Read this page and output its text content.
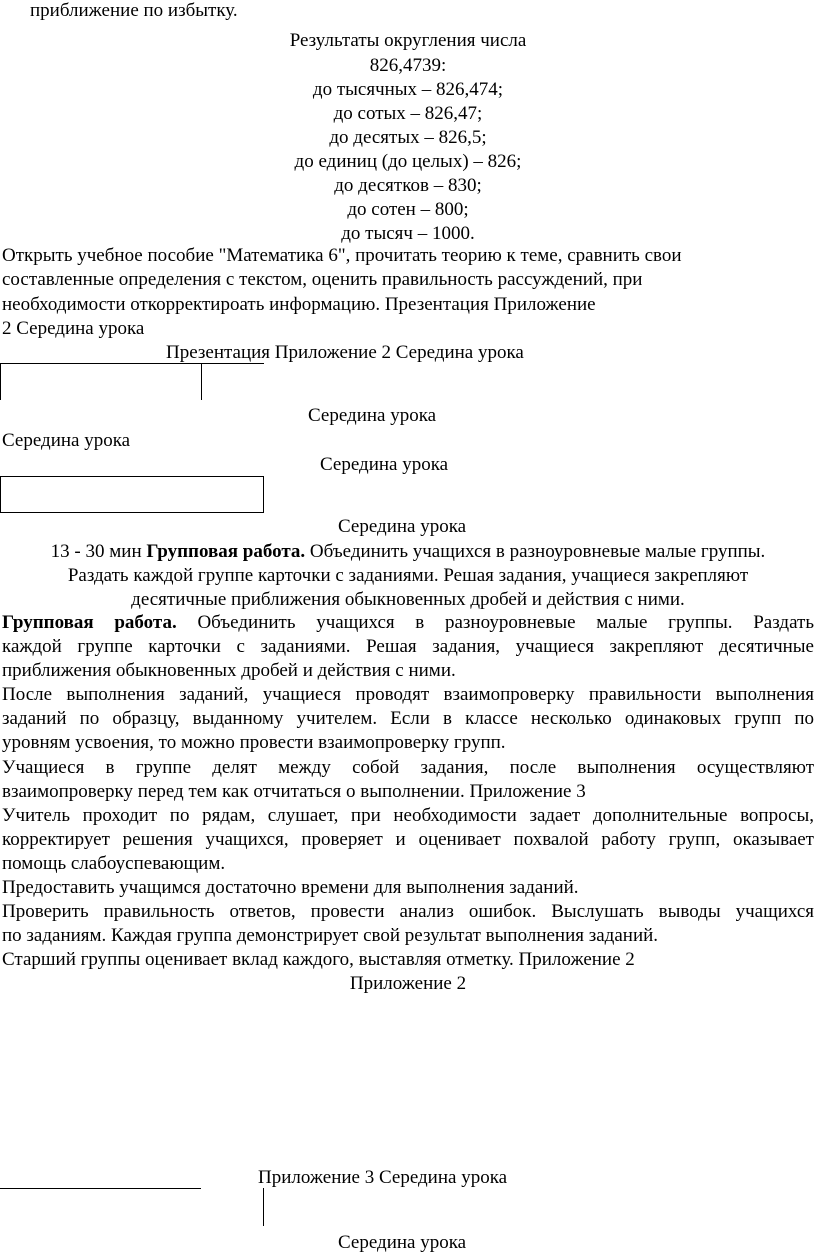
приближение по избытку.
Результаты округления числа
826,4739:
до тысячных – 826,474;
до сотых – 826,47;
до десятых – 826,5;
до единиц (до целых) – 826;
до десятков – 830;
до сотен – 800;
до тысяч – 1000.
Открыть учебное пособие "Математика 6", прочитать теорию к теме, сравнить свои
составленные определения с текстом, оценить правильность рассуждений, при
необходимости откорректироать информацию. Презентация Приложение
2 Середина урока
Презентация Приложение 2 Середина урока
Середина урока
Середина урока
Середина урока
Середина урока
13 - 30 мин Групповая работа. Объединить учащихся в разноуровневые малые группы.
Раздать каждой группе карточки с заданиями. Решая задания, учащиеся закрепляют
десятичные приближения обыкновенных дробей и действия с ними.
Групповая работа. Объединить учащихся в разноуровневые малые группы. Раздать
каждой группе карточки с заданиями. Решая задания, учащиеся закрепляют десятичные
приближения обыкновенных дробей и действия с ними.
После выполнения заданий, учащиеся проводят взаимопроверку правильности выполнения
заданий по образцу, выданному учителем. Если в классе несколько одинаковых групп по
уровням усвоения, то можно провести взаимопроверку групп.
Учащиеся в группе делят между собой задания, после выполнения осуществляют
взаимопроверку перед тем как отчитаться о выполнении. Приложение 3
Учитель проходит по рядам, слушает, при необходимости задает дополнительные вопросы,
корректирует решения учащихся, проверяет и оценивает похвалой работу групп, оказывает
помощь слабоуспевающим.
Предоставить учащимся достаточно времени для выполнения заданий.
Проверить правильность ответов, провести анализ ошибок. Выслушать выводы учащихся
по заданиям. Каждая группа демонстрирует свой результат выполнения заданий.
Старший группы оценивает вклад каждого, выставляя отметку. Приложение 2
Приложение 2
Приложение 3 Середина урока
Середина урока
